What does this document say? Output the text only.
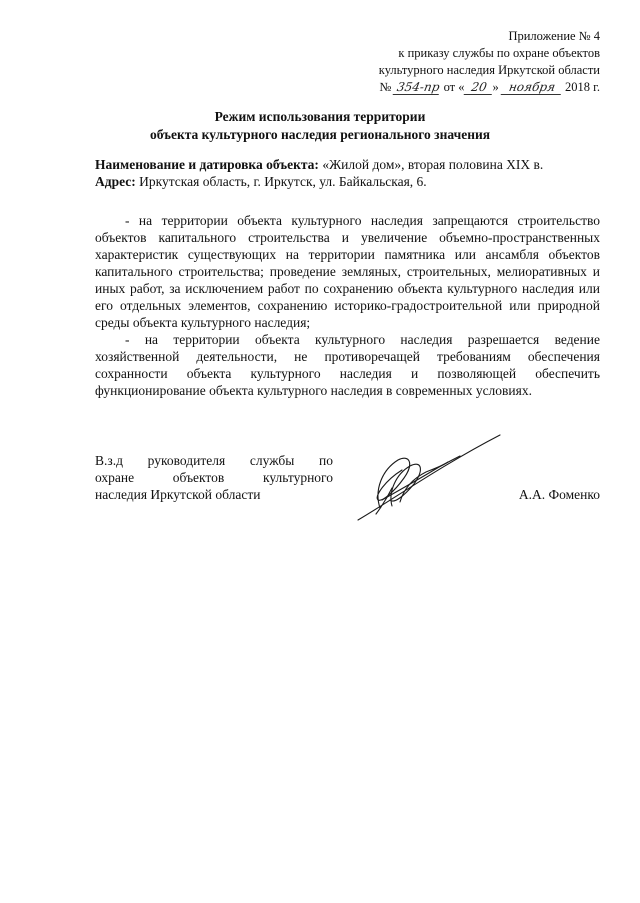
Приложение № 4
к приказу службы по охране объектов
культурного наследия Иркутской области
№ 354-пр от « 20 » ноября 2018 г.
Режим использования территории
объекта культурного наследия регионального значения
Наименование и датировка объекта: «Жилой дом», вторая половина XIX в.
Адрес: Иркутская область, г. Иркутск, ул. Байкальская, 6.

- на территории объекта культурного наследия запрещаются строительство объектов капитального строительства и увеличение объемно-пространственных характеристик существующих на территории памятника или ансамбля объектов капитального строительства; проведение земляных, строительных, мелиоративных и иных работ, за исключением работ по сохранению объекта культурного наследия или его отдельных элементов, сохранению историко-градостроительной или природной среды объекта культурного наследия;

- на территории объекта культурного наследия разрешается ведение хозяйственной деятельности, не противоречащей требованиям обеспечения сохранности объекта культурного наследия и позволяющей обеспечить функционирование объекта культурного наследия в современных условиях.

В.з.д руководителя службы по
охране объектов культурного
наследия Иркутской области	А.А. Фоменко
